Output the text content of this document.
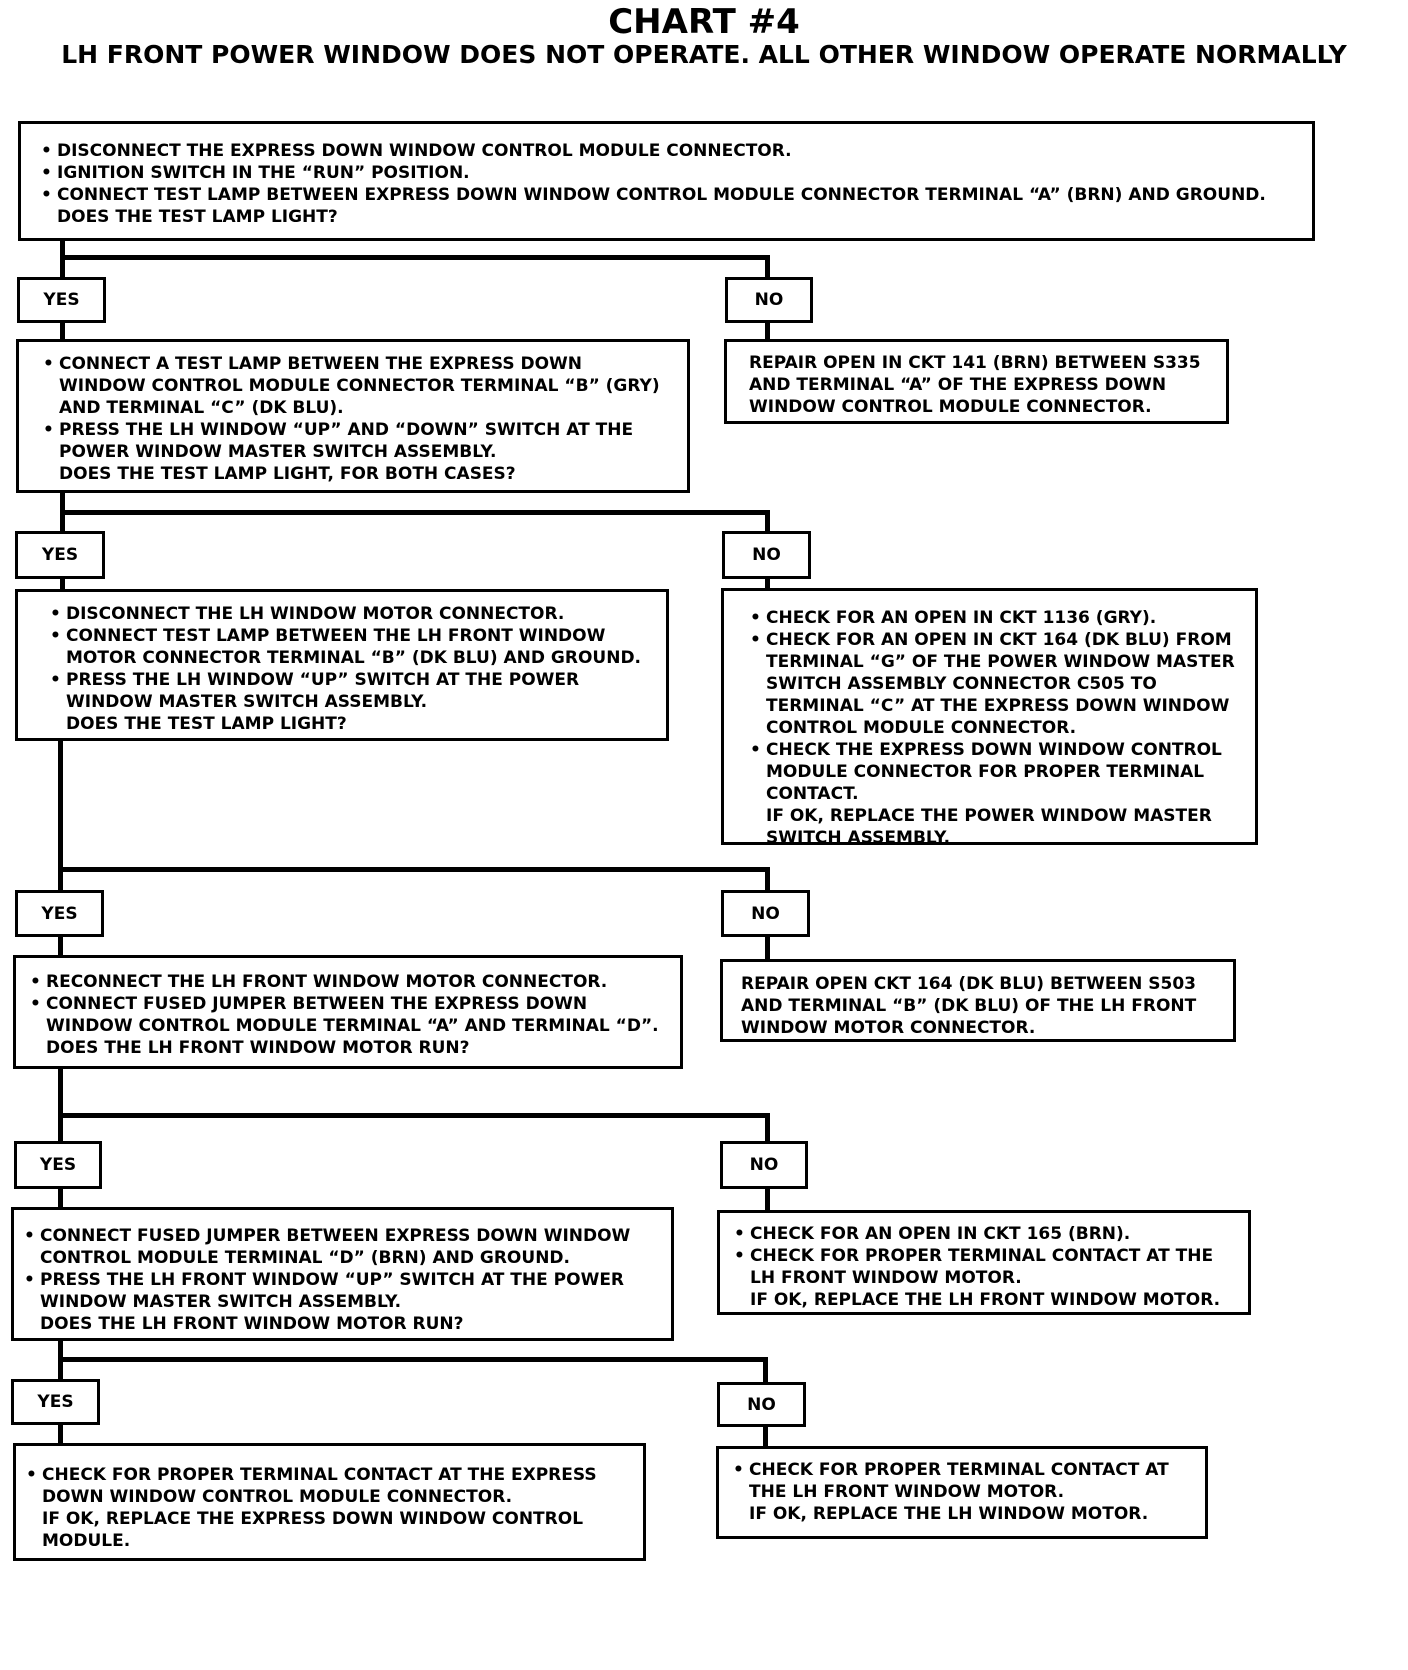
CHART #4
LH FRONT POWER WINDOW DOES NOT OPERATE. ALL OTHER WINDOW OPERATE NORMALLY
• DISCONNECT THE EXPRESS DOWN WINDOW CONTROL MODULE CONNECTOR.
• IGNITION SWITCH IN THE “RUN” POSITION.
• CONNECT TEST LAMP BETWEEN EXPRESS DOWN WINDOW CONTROL MODULE CONNECTOR TERMINAL “A” (BRN) AND GROUND.
DOES THE TEST LAMP LIGHT?
• CONNECT A TEST LAMP BETWEEN THE EXPRESS DOWN WINDOW CONTROL MODULE CONNECTOR TERMINAL “B” (GRY) AND TERMINAL “C” (DK BLU).
• PRESS THE LH WINDOW “UP” AND “DOWN” SWITCH AT THE POWER WINDOW MASTER SWITCH ASSEMBLY.
DOES THE TEST LAMP LIGHT, FOR BOTH CASES?
• DISCONNECT THE LH WINDOW MOTOR CONNECTOR.
• CONNECT TEST LAMP BETWEEN THE LH FRONT WINDOW MOTOR CONNECTOR TERMINAL “B” (DK BLU) AND GROUND.
• PRESS THE LH WINDOW “UP” SWITCH AT THE POWER WINDOW MASTER SWITCH ASSEMBLY.
DOES THE TEST LAMP LIGHT?
• RECONNECT THE LH FRONT WINDOW MOTOR CONNECTOR.
• CONNECT FUSED JUMPER BETWEEN THE EXPRESS DOWN WINDOW CONTROL MODULE TERMINAL “A” AND TERMINAL “D”.
DOES THE LH FRONT WINDOW MOTOR RUN?
• CONNECT FUSED JUMPER BETWEEN EXPRESS DOWN WINDOW CONTROL MODULE TERMINAL “D” (BRN) AND GROUND.
• PRESS THE LH FRONT WINDOW “UP” SWITCH AT THE POWER WINDOW MASTER SWITCH ASSEMBLY.
DOES THE LH FRONT WINDOW MOTOR RUN?
• CHECK FOR PROPER TERMINAL CONTACT AT THE EXPRESS DOWN WINDOW CONTROL MODULE CONNECTOR.
IF OK, REPLACE THE EXPRESS DOWN WINDOW CONTROL MODULE.
REPAIR OPEN IN CKT 141 (BRN) BETWEEN S335 AND TERMINAL “A” OF THE EXPRESS DOWN WINDOW CONTROL MODULE CONNECTOR.
• CHECK FOR AN OPEN IN CKT 1136 (GRY).
• CHECK FOR AN OPEN IN CKT 164 (DK BLU) FROM TERMINAL “G” OF THE POWER WINDOW MASTER SWITCH ASSEMBLY CONNECTOR C505 TO TERMINAL “C” AT THE EXPRESS DOWN WINDOW CONTROL MODULE CONNECTOR.
• CHECK THE EXPRESS DOWN WINDOW CONTROL MODULE CONNECTOR FOR PROPER TERMINAL CONTACT.
IF OK, REPLACE THE POWER WINDOW MASTER SWITCH ASSEMBLY.
REPAIR OPEN CKT 164 (DK BLU) BETWEEN S503 AND TERMINAL “B” (DK BLU) OF THE LH FRONT WINDOW MOTOR CONNECTOR.
• CHECK FOR AN OPEN IN CKT 165 (BRN).
• CHECK FOR PROPER TERMINAL CONTACT AT THE LH FRONT WINDOW MOTOR.
IF OK, REPLACE THE LH FRONT WINDOW MOTOR.
• CHECK FOR PROPER TERMINAL CONTACT AT THE LH FRONT WINDOW MOTOR.
IF OK, REPLACE THE LH WINDOW MOTOR.
YES	NO
YES	NO
YES	NO
YES	NO
YES	NO
